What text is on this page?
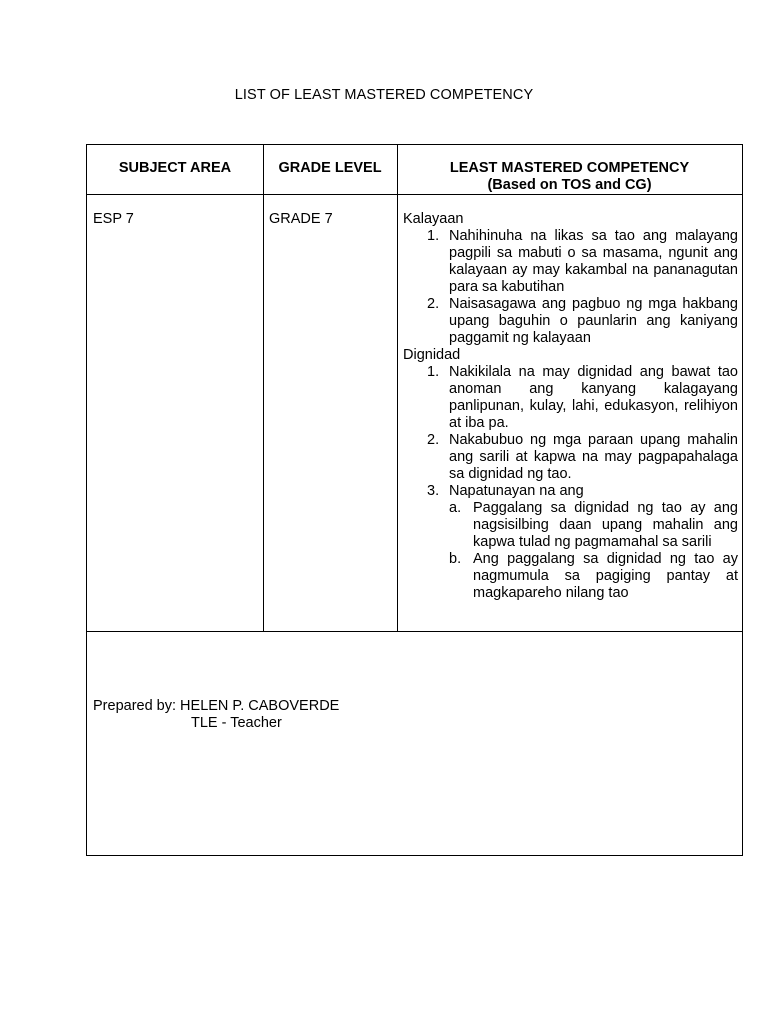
LIST OF LEAST MASTERED COMPETENCY
SUBJECT AREA	GRADE LEVEL	LEAST MASTERED COMPETENCY
(Based on TOS and CG)
ESP 7	GRADE 7	Kalayaan
1. Nahihinuha na likas sa tao ang malayang pagpili sa mabuti o sa masama, ngunit ang kalayaan ay may kakambal na pananagutan para sa kabutihan
2. Naisasagawa ang pagbuo ng mga hakbang upang baguhin o paunlarin ang kaniyang paggamit ng kalayaan
Dignidad
1. Nakikilala na may dignidad ang bawat tao anoman ang kanyang kalagayang panlipunan, kulay, lahi, edukasyon, relihiyon at iba pa.
2. Nakabubuo ng mga paraan upang mahalin ang sarili at kapwa na may pagpapahalaga sa dignidad ng tao.
3. Napatunayan na ang
a. Paggalang sa dignidad ng tao ay ang nagsisilbing daan upang mahalin ang kapwa tulad ng pagmamahal sa sarili
b. Ang paggalang sa dignidad ng tao ay nagmumula sa pagiging pantay at magkapareho nilang tao
Prepared by: HELEN P. CABOVERDE
TLE - Teacher
